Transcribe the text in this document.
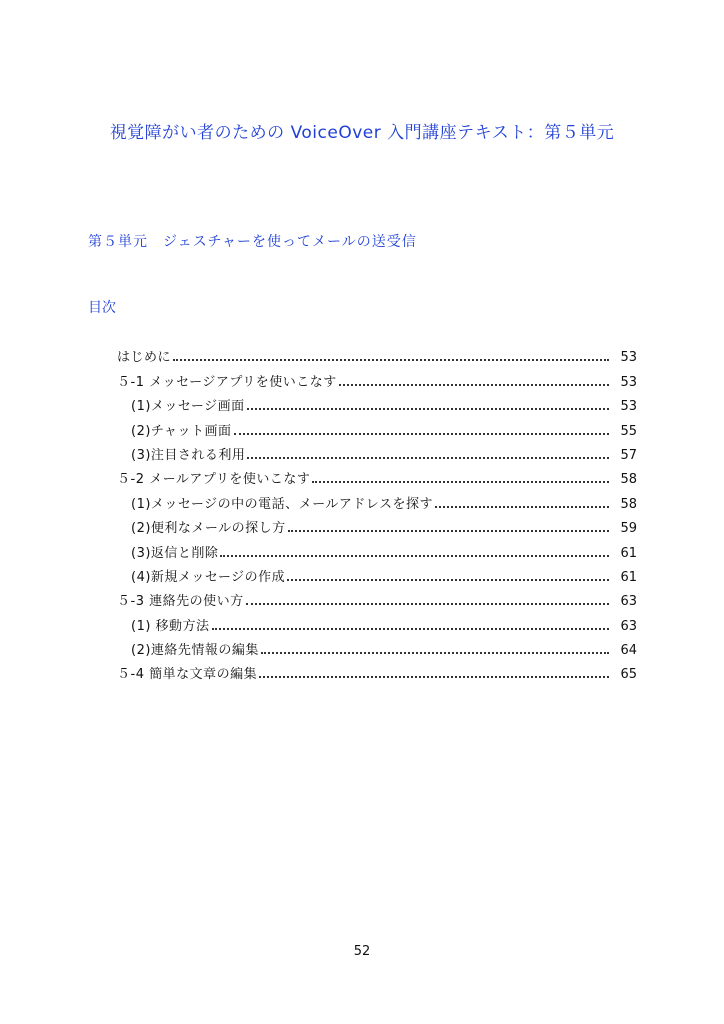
視覚障がい者のための VoiceOver 入門講座テキスト：第５単元
第５単元　ジェスチャーを使ってメールの送受信
目次
はじめに	53
５-1 メッセージアプリを使いこなす	53
(1)メッセージ画面	53
(2)チャット画面	55
(3)注目される利用	57
５-2 メールアプリを使いこなす	58
(1)メッセージの中の電話、メールアドレスを探す	58
(2)便利なメールの探し方	59
(3)返信と削除	61
(4)新規メッセージの作成	61
５-3 連絡先の使い方	63
(1) 移動方法	63
(2)連絡先情報の編集	64
５-4 簡単な文章の編集	65
52
